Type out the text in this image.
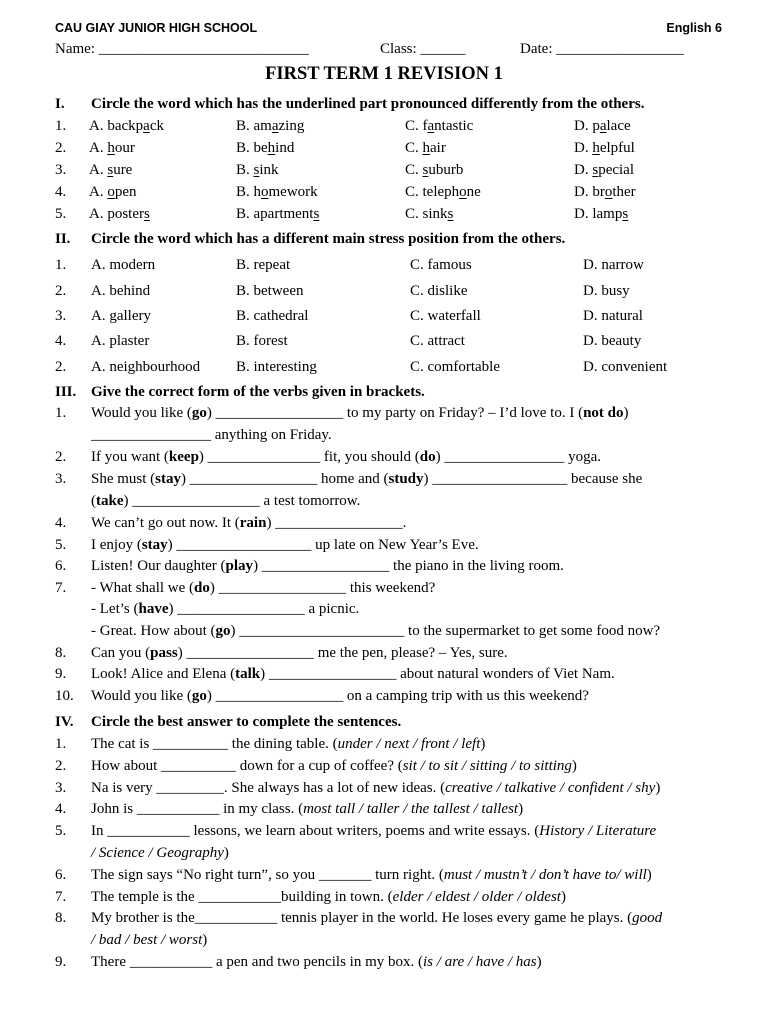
CAU GIAY JUNIOR HIGH SCHOOL	English 6
Name: ____________________________	Class: ______	Date: _________________
FIRST TERM 1 REVISION 1
I. Circle the word which has the underlined part pronounced differently from the others.
1. A. backpack	B. amazing	C. fantastic	D. palace
2. A. hour	B. behind	C. hair	D. helpful
3. A. sure	B. sink	C. suburb	D. special
4. A. open	B. homework	C. telephone	D. brother
5. A. posters	B. apartments	C. sinks	D. lamps
II. Circle the word which has a different main stress position from the others.
1. A. modern	B. repeat	C. famous	D. narrow
2. A. behind	B. between	C. dislike	D. busy
3. A. gallery	B. cathedral	C. waterfall	D. natural
4. A. plaster	B. forest	C. attract	D. beauty
2. A. neighbourhood B. interesting	C. comfortable	D. convenient
III. Give the correct form of the verbs given in brackets.
1. Would you like (go) _________________ to my party on Friday? – I’d love to. I (not do)
________________ anything on Friday.
2. If you want (keep) _______________ fit, you should (do) ________________ yoga.
3. She must (stay) _________________ home and (study) __________________ because she
(take) _________________ a test tomorrow.
4. We can’t go out now. It (rain) _________________.
5. I enjoy (stay) __________________ up late on New Year’s Eve.
6. Listen! Our daughter (play) _________________ the piano in the living room.
7. - What shall we (do) _________________ this weekend?
- Let’s (have) _________________ a picnic.
- Great. How about (go) ______________________ to the supermarket to get some food now?
8. Can you (pass) _________________ me the pen, please? – Yes, sure.
9. Look! Alice and Elena (talk) _________________ about natural wonders of Viet Nam.
10. Would you like (go) _________________ on a camping trip with us this weekend?
IV. Circle the best answer to complete the sentences.
1. The cat is __________ the dining table. (under / next / front / left)
2. How about __________ down for a cup of coffee? (sit / to sit / sitting / to sitting)
3. Na is very _________. She always has a lot of new ideas. (creative / talkative / confident / shy)
4. John is ___________ in my class. (most tall / taller / the tallest / tallest)
5. In ___________ lessons, we learn about writers, poems and write essays. (History / Literature
/ Science / Geography)
6. The sign says “No right turn”, so you _______ turn right. (must / mustn’t / don’t have to/ will)
7. The temple is the ___________building in town. (elder / eldest / older / oldest)
8. My brother is the___________ tennis player in the world. He loses every game he plays. (good
/ bad / best / worst)
9. There ___________ a pen and two pencils in my box. (is / are / have / has)
